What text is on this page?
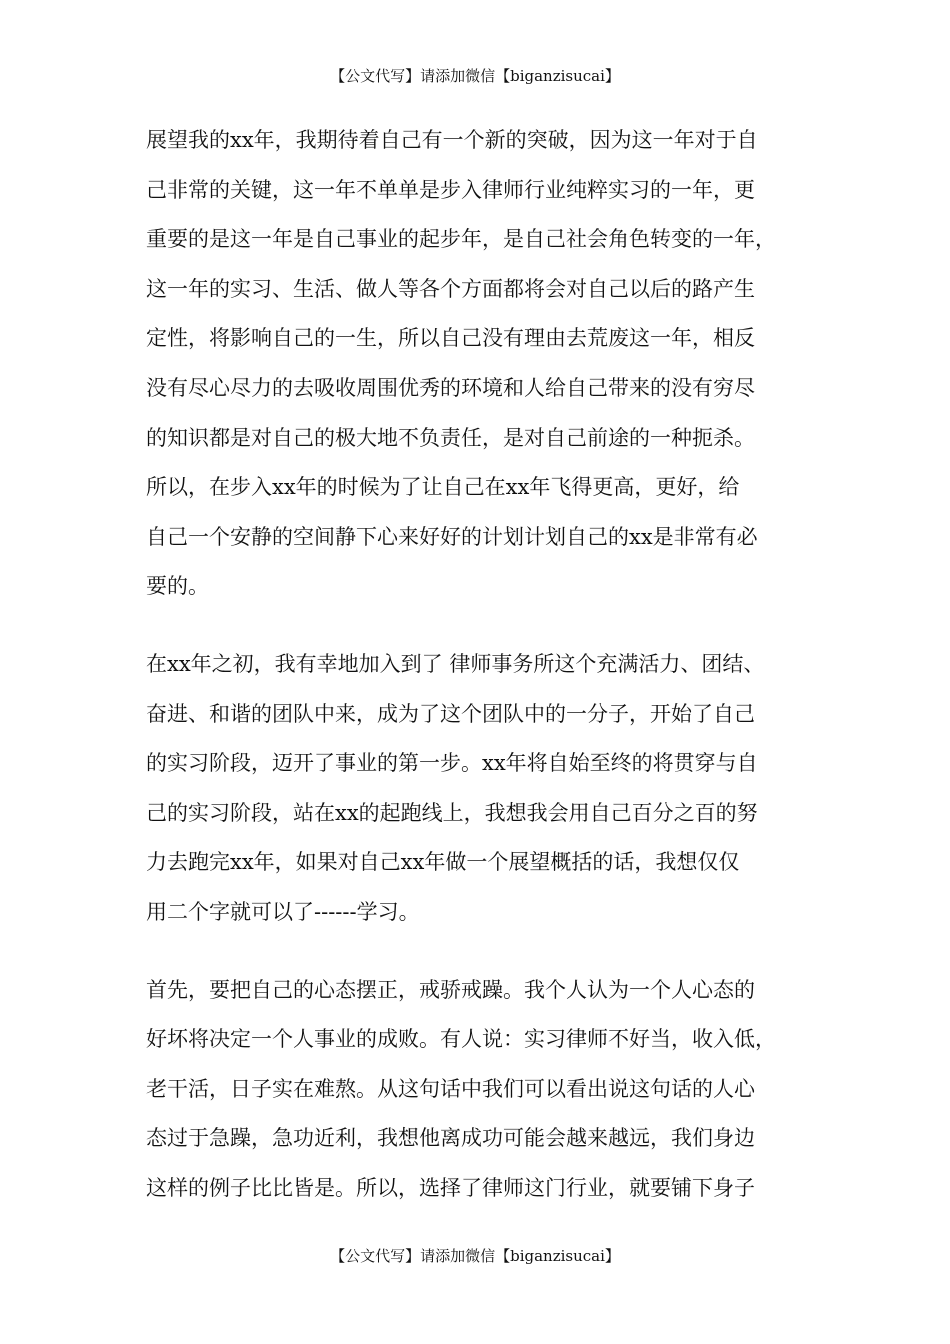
【公文代写】请添加微信【biganzisucai】
展望我的xx年，我期待着自己有一个新的突破，因为这一年对于自
己非常的关键，这一年不单单是步入律师行业纯粹实习的一年，更
重要的是这一年是自己事业的起步年，是自己社会角色转变的一年，
这一年的实习、生活、做人等各个方面都将会对自己以后的路产生
定性，将影响自己的一生，所以自己没有理由去荒废这一年，相反
没有尽心尽力的去吸收周围优秀的环境和人给自己带来的没有穷尽
的知识都是对自己的极大地不负责任，是对自己前途的一种扼杀。
所以，在步入xx年的时候为了让自己在xx年飞得更高，更好，给
自己一个安静的空间静下心来好好的计划计划自己的xx是非常有必
要的。
在xx年之初，我有幸地加入到了 律师事务所这个充满活力、团结、
奋进、和谐的团队中来，成为了这个团队中的一分子，开始了自己
的实习阶段，迈开了事业的第一步。xx年将自始至终的将贯穿与自
己的实习阶段，站在xx的起跑线上，我想我会用自己百分之百的努
力去跑完xx年，如果对自己xx年做一个展望概括的话，我想仅仅
用二个字就可以了------学习。
首先，要把自己的心态摆正，戒骄戒躁。我个人认为一个人心态的
好坏将决定一个人事业的成败。有人说：实习律师不好当，收入低，
老干活，日子实在难熬。从这句话中我们可以看出说这句话的人心
态过于急躁，急功近利，我想他离成功可能会越来越远，我们身边
这样的例子比比皆是。所以，选择了律师这门行业，就要铺下身子
【公文代写】请添加微信【biganzisucai】
